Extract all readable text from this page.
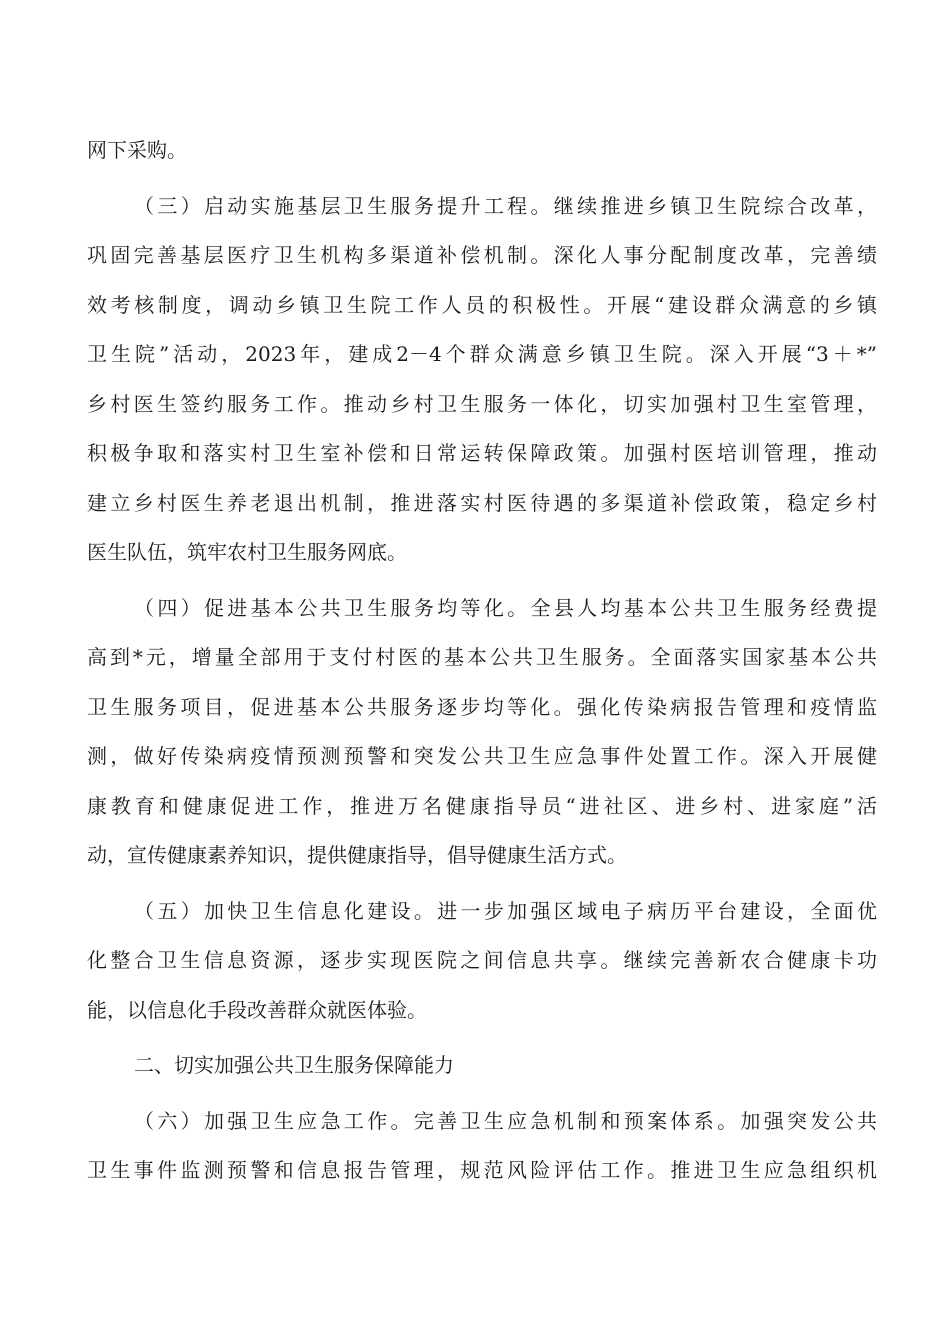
网下采购。
（三）启动实施基层卫生服务提升工程。继续推进乡镇卫生院综合改革，
巩固完善基层医疗卫生机构多渠道补偿机制。深化人事分配制度改革，完善绩
效考核制度，调动乡镇卫生院工作人员的积极性。开展“建设群众满意的乡镇
卫生院”活动，2023年，建成2－4个群众满意乡镇卫生院。深入开展“3＋*”
乡村医生签约服务工作。推动乡村卫生服务一体化，切实加强村卫生室管理，
积极争取和落实村卫生室补偿和日常运转保障政策。加强村医培训管理，推动
建立乡村医生养老退出机制，推进落实村医待遇的多渠道补偿政策，稳定乡村
医生队伍，筑牢农村卫生服务网底。
（四）促进基本公共卫生服务均等化。全县人均基本公共卫生服务经费提
高到*元，增量全部用于支付村医的基本公共卫生服务。全面落实国家基本公共
卫生服务项目，促进基本公共服务逐步均等化。强化传染病报告管理和疫情监
测，做好传染病疫情预测预警和突发公共卫生应急事件处置工作。深入开展健
康教育和健康促进工作，推进万名健康指导员“进社区、进乡村、进家庭”活
动，宣传健康素养知识，提供健康指导，倡导健康生活方式。
（五）加快卫生信息化建设。进一步加强区域电子病历平台建设，全面优
化整合卫生信息资源，逐步实现医院之间信息共享。继续完善新农合健康卡功
能，以信息化手段改善群众就医体验。
二、切实加强公共卫生服务保障能力
（六）加强卫生应急工作。完善卫生应急机制和预案体系。加强突发公共
卫生事件监测预警和信息报告管理，规范风险评估工作。推进卫生应急组织机
